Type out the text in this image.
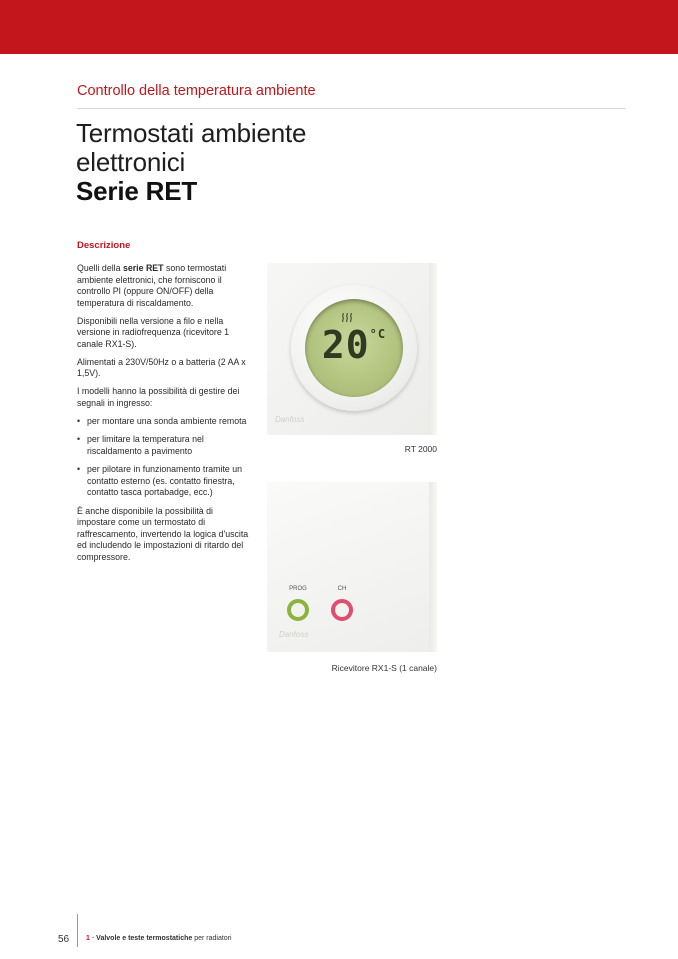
Controllo della temperatura ambiente
Termostati ambiente
elettronici
Serie RET
Descrizione

Quelli della serie RET sono termostati ambiente elettronici, che forniscono il controllo PI (oppure ON/OFF) della temperatura di riscaldamento.

Disponibili nella versione a filo e nella versione in radiofrequenza (ricevitore 1 canale RX1-S).

Alimentati a 230V/50Hz o a batteria (2 AA x 1,5V).

I modelli hanno la possibilità di gestire dei segnali in ingresso:

• per montare una sonda ambiente remota
• per limitare la temperatura nel riscaldamento a pavimento
• per pilotare in funzionamento tramite un contatto esterno (es. contatto finestra, contatto tasca portabadge, ecc.)

È anche disponibile la possibilità di impostare come un termostato di raffrescamento, invertendo la logica d'uscita ed includendo le impostazioni di ritardo del compressore.

$20^{^\circ C}$
Danfoss
RT 2000
PROG	CH
Danfoss
Ricevitore RX1-S (1 canale)
56 1 - Valvole e teste termostatiche per radiatori
